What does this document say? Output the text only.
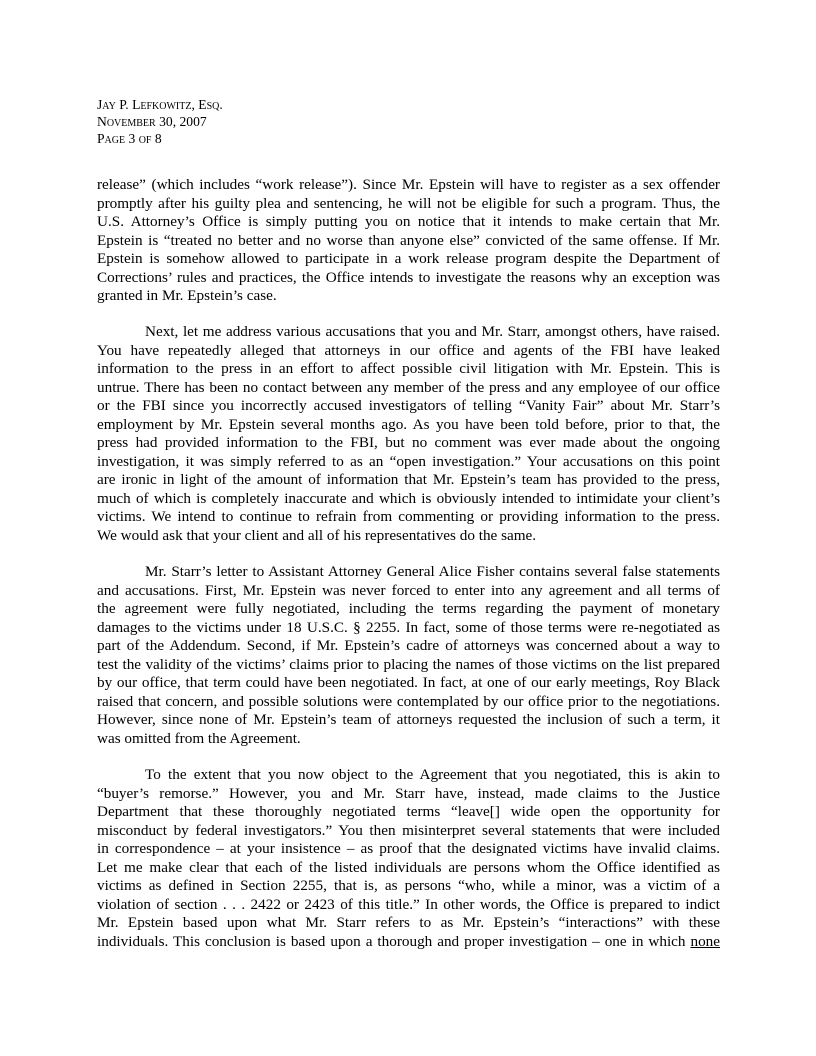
Jay P. Lefkowitz, Esq.
November 30, 2007
Page 3 of 8
release” (which includes “work release”). Since Mr. Epstein will have to register as a sex offender
promptly after his guilty plea and sentencing, he will not be eligible for such a program. Thus, the
U.S. Attorney’s Office is simply putting you on notice that it intends to make certain that Mr.
Epstein is “treated no better and no worse than anyone else” convicted of the same offense. If Mr.
Epstein is somehow allowed to participate in a work release program despite the Department of
Corrections’ rules and practices, the Office intends to investigate the reasons why an exception was
granted in Mr. Epstein’s case.
Next, let me address various accusations that you and Mr. Starr, amongst others, have raised.
You have repeatedly alleged that attorneys in our office and agents of the FBI have leaked
information to the press in an effort to affect possible civil litigation with Mr. Epstein. This is
untrue. There has been no contact between any member of the press and any employee of our office
or the FBI since you incorrectly accused investigators of telling “Vanity Fair” about Mr. Starr’s
employment by Mr. Epstein several months ago. As you have been told before, prior to that, the
press had provided information to the FBI, but no comment was ever made about the ongoing
investigation, it was simply referred to as an “open investigation.” Your accusations on this point
are ironic in light of the amount of information that Mr. Epstein’s team has provided to the press,
much of which is completely inaccurate and which is obviously intended to intimidate your client’s
victims. We intend to continue to refrain from commenting or providing information to the press.
We would ask that your client and all of his representatives do the same.
Mr. Starr’s letter to Assistant Attorney General Alice Fisher contains several false statements
and accusations. First, Mr. Epstein was never forced to enter into any agreement and all terms of
the agreement were fully negotiated, including the terms regarding the payment of monetary
damages to the victims under 18 U.S.C. § 2255. In fact, some of those terms were re-negotiated as
part of the Addendum. Second, if Mr. Epstein’s cadre of attorneys was concerned about a way to
test the validity of the victims’ claims prior to placing the names of those victims on the list prepared
by our office, that term could have been negotiated. In fact, at one of our early meetings, Roy Black
raised that concern, and possible solutions were contemplated by our office prior to the negotiations.
However, since none of Mr. Epstein’s team of attorneys requested the inclusion of such a term, it
was omitted from the Agreement.
To the extent that you now object to the Agreement that you negotiated, this is akin to
“buyer’s remorse.” However, you and Mr. Starr have, instead, made claims to the Justice
Department that these thoroughly negotiated terms “leave[] wide open the opportunity for
misconduct by federal investigators.” You then misinterpret several statements that were included
in correspondence – at your insistence – as proof that the designated victims have invalid claims.
Let me make clear that each of the listed individuals are persons whom the Office identified as
victims as defined in Section 2255, that is, as persons “who, while a minor, was a victim of a
violation of section . . . 2422 or 2423 of this title.” In other words, the Office is prepared to indict
Mr. Epstein based upon what Mr. Starr refers to as Mr. Epstein’s “interactions” with these
individuals. This conclusion is based upon a thorough and proper investigation – one in which none
